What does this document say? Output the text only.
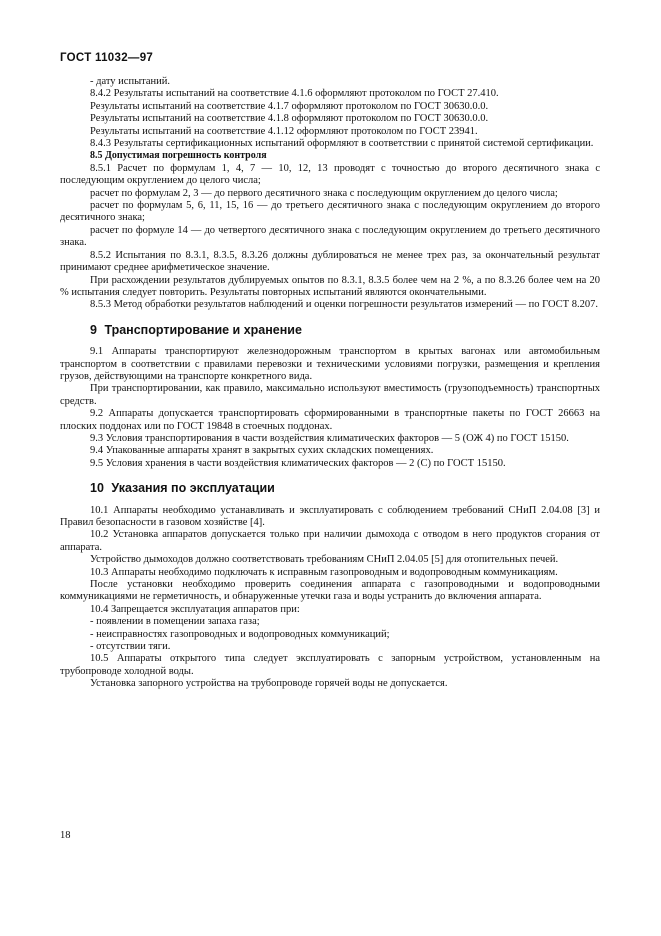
ГОСТ 11032—97

- дату испытаний.

8.4.2 Результаты испытаний на соответствие 4.1.6 оформляют протоколом по ГОСТ 27.410.

Результаты испытаний на соответствие 4.1.7 оформляют протоколом по ГОСТ 30630.0.0.

Результаты испытаний на соответствие 4.1.8 оформляют протоколом по ГОСТ 30630.0.0.

Результаты испытаний на соответствие 4.1.12 оформляют протоколом по ГОСТ 23941.

8.4.3 Результаты сертификационных испытаний оформляют в соответствии с принятой системой сертификации.

8.5 Допустимая погрешность контроля

8.5.1 Расчет по формулам 1, 4, 7 — 10, 12, 13 проводят с точностью до второго десятичного знака с последующим округлением до целого числа;

расчет по формулам 2, 3 — до первого десятичного знака с последующим округлением до целого числа;

расчет по формулам 5, 6, 11, 15, 16 — до третьего десятичного знака с последующим округлением до второго десятичного знака;

расчет по формуле 14 — до четвертого десятичного знака с последующим округлением до третьего десятичного знака.

8.5.2 Испытания по 8.3.1, 8.3.5, 8.3.26 должны дублироваться не менее трех раз, за окончательный результат принимают среднее арифметическое значение.

При расхождении результатов дублируемых опытов по 8.3.1, 8.3.5 более чем на 2 %, а по 8.3.26 более чем на 20 % испытания следует повторить. Результаты повторных испытаний являются окончательными.

8.5.3 Метод обработки результатов наблюдений и оценки погрешности результатов измерений — по ГОСТ 8.207.

9 Транспортирование и хранение

9.1 Аппараты транспортируют железнодорожным транспортом в крытых вагонах или автомобильным транспортом в соответствии с правилами перевозки и техническими условиями погрузки, размещения и крепления грузов, действующими на транспорте конкретного вида.

При транспортировании, как правило, максимально используют вместимость (грузоподъемность) транспортных средств.

9.2 Аппараты допускается транспортировать сформированными в транспортные пакеты по ГОСТ 26663 на плоских поддонах или по ГОСТ 19848 в стоечных поддонах.

9.3 Условия транспортирования в части воздействия климатических факторов — 5 (ОЖ 4) по ГОСТ 15150.

9.4 Упакованные аппараты хранят в закрытых сухих складских помещениях.

9.5 Условия хранения в части воздействия климатических факторов — 2 (С) по ГОСТ 15150.

10 Указания по эксплуатации

10.1 Аппараты необходимо устанавливать и эксплуатировать с соблюдением требований СНиП 2.04.08 [3] и Правил безопасности в газовом хозяйстве [4].

10.2 Установка аппаратов допускается только при наличии дымохода с отводом в него продуктов сгорания от аппарата.

Устройство дымоходов должно соответствовать требованиям СНиП 2.04.05 [5] для отопительных печей.

10.3 Аппараты необходимо подключать к исправным газопроводным и водопроводным коммуникациям.

После установки необходимо проверить соединения аппарата с газопроводными и водопроводными коммуникациями не герметичность, и обнаруженные утечки газа и воды устранить до включения аппарата.

10.4 Запрещается эксплуатация аппаратов при:

- появлении в помещении запаха газа;

- неисправностях газопроводных и водопроводных коммуникаций;

- отсутствии тяги.

10.5 Аппараты открытого типа следует эксплуатировать с запорным устройством, установленным на трубопроводе холодной воды.

Установка запорного устройства на трубопроводе горячей воды не допускается.

18
